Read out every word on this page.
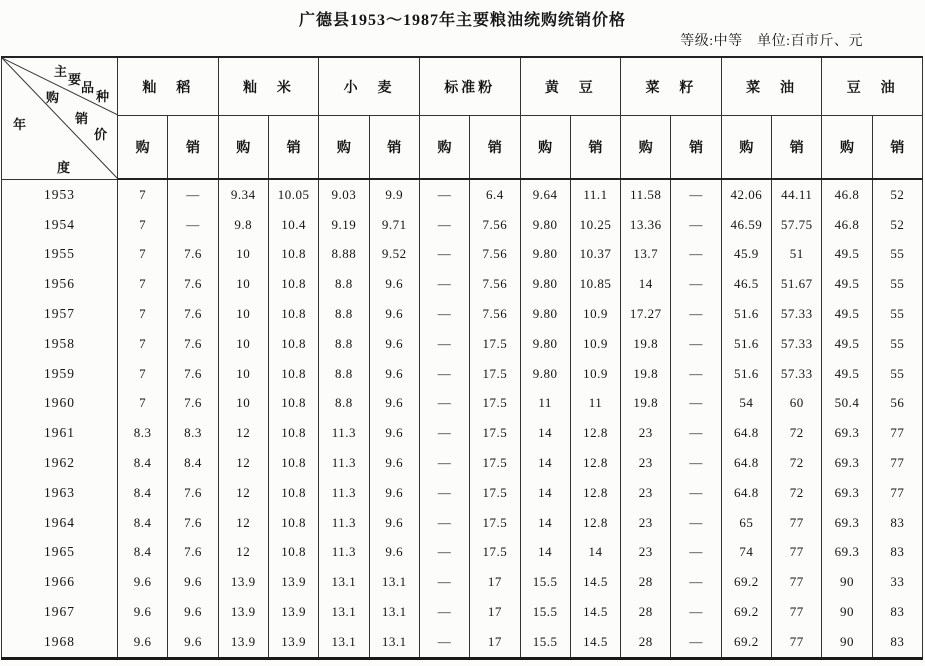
广德县1953～1987年主要粮油统购统销价格
等级:中等　单位:百市斤、元
年
主
要
品
种
购
销
价
度
	籼　稻	籼　米	小　麦	标准粉	黄　豆	菜　籽	菜　油	豆　油
	购	销	购	销	购	销	购	销	购	销	购	销	购	销	购	销
1953	7	—	9.34	10.05	9.03	9.9	—	6.4	9.64	11.1	11.58	—	42.06	44.11	46.8	52
1954	7	—	9.8	10.4	9.19	9.71	—	7.56	9.80	10.25	13.36	—	46.59	57.75	46.8	52
1955	7	7.6	10	10.8	8.88	9.52	—	7.56	9.80	10.37	13.7	—	45.9	51	49.5	55
1956	7	7.6	10	10.8	8.8	9.6	—	7.56	9.80	10.85	14	—	46.5	51.67	49.5	55
1957	7	7.6	10	10.8	8.8	9.6	—	7.56	9.80	10.9	17.27	—	51.6	57.33	49.5	55
1958	7	7.6	10	10.8	8.8	9.6	—	17.5	9.80	10.9	19.8	—	51.6	57.33	49.5	55
1959	7	7.6	10	10.8	8.8	9.6	—	17.5	9.80	10.9	19.8	—	51.6	57.33	49.5	55
1960	7	7.6	10	10.8	8.8	9.6	—	17.5	11	11	19.8	—	54	60	50.4	56
1961	8.3	8.3	12	10.8	11.3	9.6	—	17.5	14	12.8	23	—	64.8	72	69.3	77
1962	8.4	8.4	12	10.8	11.3	9.6	—	17.5	14	12.8	23	—	64.8	72	69.3	77
1963	8.4	7.6	12	10.8	11.3	9.6	—	17.5	14	12.8	23	—	64.8	72	69.3	77
1964	8.4	7.6	12	10.8	11.3	9.6	—	17.5	14	12.8	23	—	65	77	69.3	83
1965	8.4	7.6	12	10.8	11.3	9.6	—	17.5	14	14	23	—	74	77	69.3	83
1966	9.6	9.6	13.9	13.9	13.1	13.1	—	17	15.5	14.5	28	—	69.2	77	90	33
1967	9.6	9.6	13.9	13.9	13.1	13.1	—	17	15.5	14.5	28	—	69.2	77	90	83
1968	9.6	9.6	13.9	13.9	13.1	13.1	—	17	15.5	14.5	28	—	69.2	77	90	83
